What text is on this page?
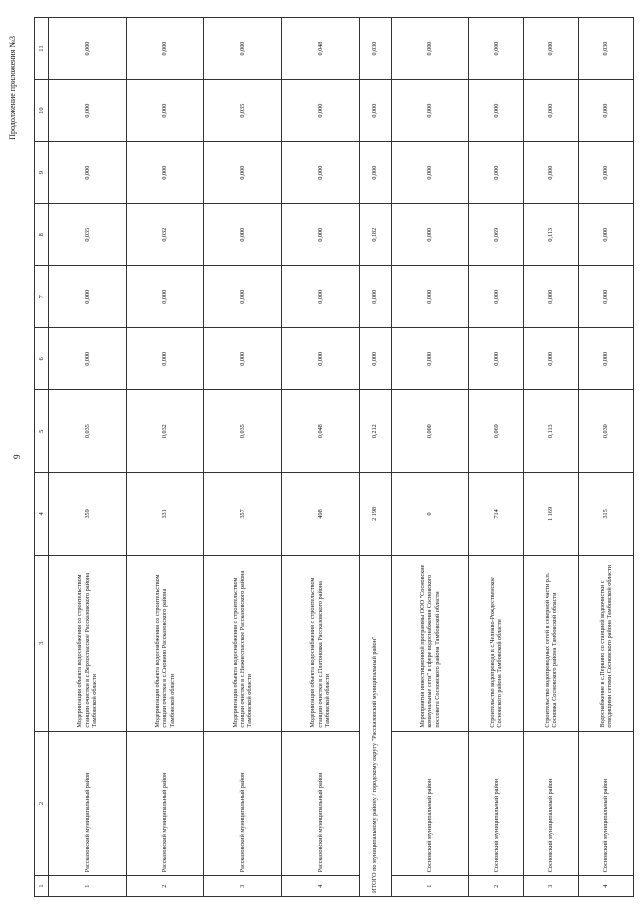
Продолжение приложения №3
9
1	2	3	4	5	6	7	8	9	10	11
1	Рассказовский муниципальный район	Модернизация объекта водоснабжения со строительством станции очистки в с.Верхоспасское Рассказовского района Тамбовской области	359	0,035	0,000	0,000	0,035	0,000	0,000	0,000
2	Рассказовский муниципальный район	Модернизация объекта водоснабжения со строительством станции очистки в с.Сновино Рассказовского района Тамбовской области	331	0,032	0,000	0,000	0,032	0,000	0,000	0,000
3	Рассказовский муниципальный район	Модернизация объекта водоснабжения с строительством станции очистки в с.Нижнеспасское Рассказовского района Тамбовской области	357	0,035	0,000	0,000	0,000	0,000	0,035	0,000
4	Рассказовский муниципальный район	Модернизация объекта водоснабжения с строительством станции очистки в с.Платоновка Рассказовского района Тамбовской области	498	0,048	0,000	0,000	0,000	0,000	0,000	0,048
ИТОГО по муниципальному району / городскому округу "Рассказовский муниципальный район"			2 198	0,212	0,000	0,000	0,182	0,000	0,000	0,030
1	Сосновский муниципальный район	Мероприятия инвестиционной программы ООО "Сосновские коммунальные сети" в сфере водоснабжения Сосновского поссовета Сосновского района Тамбовской области	0	0,000	0,000	0,000	0,000	0,000	0,000	0,000
2	Сосновский муниципальный район	Строительство водопровода в с.Челнавo-Рождественское Сосновского района Тамбовской области	714	0,069	0,000	0,000	0,069	0,000	0,000	0,000
3	Сосновский муниципальный район	Строительство водопроводных сетей в северной части р.п. Сосновка Сосновского района Тамбовской области	1 169	0,113	0,000	0,000	0,113	0,000	0,000	0,000
4	Сосновский муниципальный район	Водоснабжение в с.Перкино со станцией водоочистки с отводящими сетями Сосновского района Тамбовской области	315	0,030	0,000	0,000	0,000	0,000	0,000	0,030
